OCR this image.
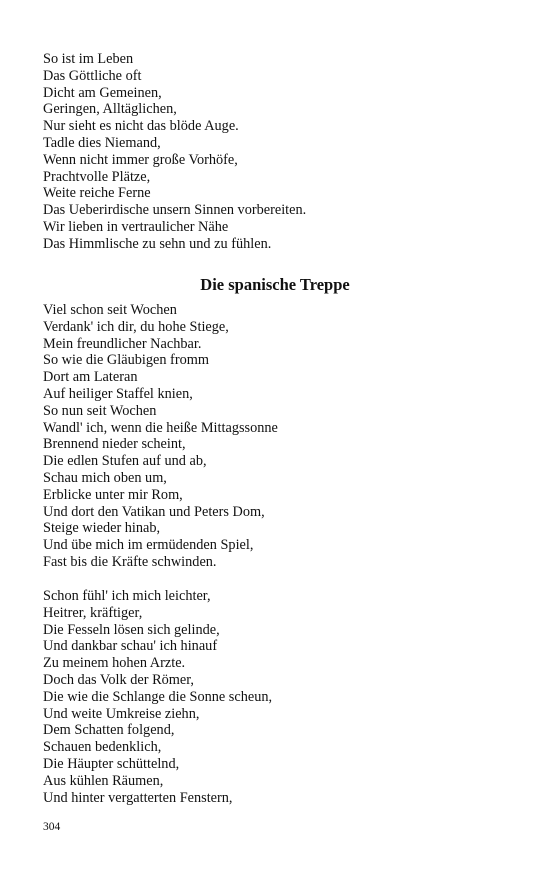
So ist im Leben
Das Göttliche oft
Dicht am Gemeinen,
Geringen, Alltäglichen,
Nur sieht es nicht das blöde Auge.
Tadle dies Niemand,
Wenn nicht immer große Vorhöfe,
Prachtvolle Plätze,
Weite reiche Ferne
Das Ueberirdische unsern Sinnen vorbereiten.
Wir lieben in vertraulicher Nähe
Das Himmlische zu sehn und zu fühlen.
Die spanische Treppe
Viel schon seit Wochen
Verdank' ich dir, du hohe Stiege,
Mein freundlicher Nachbar.
So wie die Gläubigen fromm
Dort am Lateran
Auf heiliger Staffel knien,
So nun seit Wochen
Wandl' ich, wenn die heiße Mittagssonne
Brennend nieder scheint,
Die edlen Stufen auf und ab,
Schau mich oben um,
Erblicke unter mir Rom,
Und dort den Vatikan und Peters Dom,
Steige wieder hinab,
Und übe mich im ermüdenden Spiel,
Fast bis die Kräfte schwinden.
Schon fühl' ich mich leichter,
Heitrer, kräftiger,
Die Fesseln lösen sich gelinde,
Und dankbar schau' ich hinauf
Zu meinem hohen Arzte.
Doch das Volk der Römer,
Die wie die Schlange die Sonne scheun,
Und weite Umkreise ziehn,
Dem Schatten folgend,
Schauen bedenklich,
Die Häupter schüttelnd,
Aus kühlen Räumen,
Und hinter vergatterten Fenstern,
304
